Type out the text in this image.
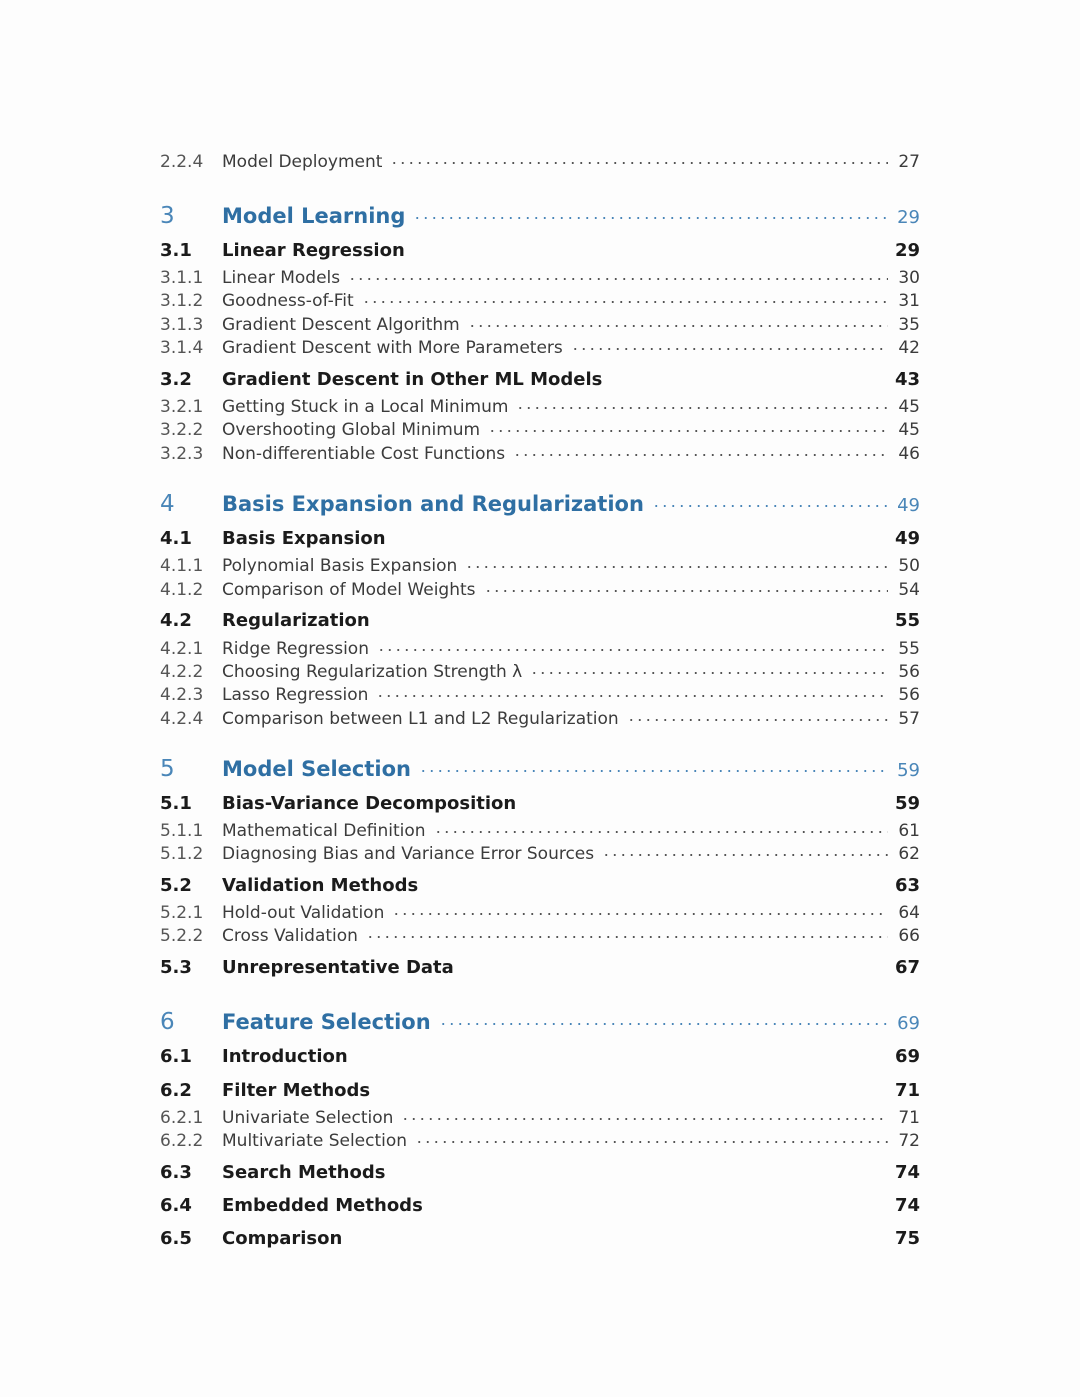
2.2.4	Model Deployment	27
3	Model Learning	29
3.1	Linear Regression	29
3.1.1	Linear Models	30
3.1.2	Goodness-of-Fit	31
3.1.3	Gradient Descent Algorithm	35
3.1.4	Gradient Descent with More Parameters	42
3.2	Gradient Descent in Other ML Models	43
3.2.1	Getting Stuck in a Local Minimum	45
3.2.2	Overshooting Global Minimum	45
3.2.3	Non-differentiable Cost Functions	46
4	Basis Expansion and Regularization	49
4.1	Basis Expansion	49
4.1.1	Polynomial Basis Expansion	50
4.1.2	Comparison of Model Weights	54
4.2	Regularization	55
4.2.1	Ridge Regression	55
4.2.2	Choosing Regularization Strength λ	56
4.2.3	Lasso Regression	56
4.2.4	Comparison between L1 and L2 Regularization	57
5	Model Selection	59
5.1	Bias-Variance Decomposition	59
5.1.1	Mathematical Definition	61
5.1.2	Diagnosing Bias and Variance Error Sources	62
5.2	Validation Methods	63
5.2.1	Hold-out Validation	64
5.2.2	Cross Validation	66
5.3	Unrepresentative Data	67
6	Feature Selection	69
6.1	Introduction	69
6.2	Filter Methods	71
6.2.1	Univariate Selection	71
6.2.2	Multivariate Selection	72
6.3	Search Methods	74
6.4	Embedded Methods	74
6.5	Comparison	75
